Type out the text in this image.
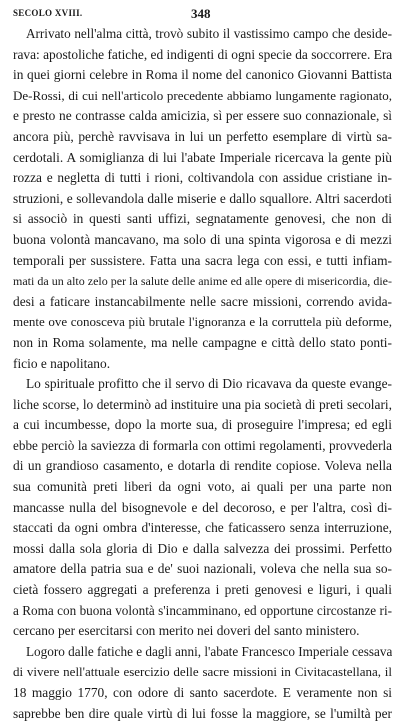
SECOLO XVIII.	348
Arrivato nell'alma città, trovò subito il vastissimo campo che deside-
rava: apostoliche fatiche, ed indigenti di ogni specie da soccorrere. Era
in quei giorni celebre in Roma il nome del canonico Giovanni Battista
De-Rossi, di cui nell'articolo precedente abbiamo lungamente ragionato,
e presto ne contrasse calda amicizia, sì per essere suo connazionale, sì
ancora più, perchè ravvisava in lui un perfetto esemplare di virtù sa-
cerdotali. A somiglianza di lui l'abate Imperiale ricercava la gente più
rozza e negletta di tutti i rioni, coltivandola con assidue cristiane in-
struzioni, e sollevandola dalle miserie e dallo squallore. Altri sacerdoti
si associò in questi santi uffizi, segnatamente genovesi, che non di
buona volontà mancavano, ma solo di una spinta vigorosa e di mezzi
temporali per sussistere. Fatta una sacra lega con essi, e tutti infiam-
mati da un alto zelo per la salute delle anime ed alle opere di misericordia, die-
desi a faticare instancabilmente nelle sacre missioni, correndo avida-
mente ove conosceva più brutale l'ignoranza e la corruttela più deforme,
non in Roma solamente, ma nelle campagne e città dello stato ponti-
ficio e napolitano.
Lo spirituale profitto che il servo di Dio ricavava da queste evange-
liche scorse, lo determinò ad instituire una pia società di preti secolari,
a cui incumbesse, dopo la morte sua, di proseguire l'impresa; ed egli
ebbe perciò la saviezza di formarla con ottimi regolamenti, provvederla
di un grandioso casamento, e dotarla di rendite copiose. Voleva nella
sua comunità preti liberi da ogni voto, ai quali per una parte non
mancasse nulla del bisognevole e del decoroso, e per l'altra, così di-
staccati da ogni ombra d'interesse, che faticassero senza interruzione,
mossi dalla sola gloria di Dio e dalla salvezza dei prossimi. Perfetto
amatore della patria sua e de' suoi nazionali, voleva che nella sua so-
cietà fossero aggregati a preferenza i preti genovesi e liguri, i quali
a Roma con buona volontà s'incamminano, ed opportune circostanze ri-
cercano per esercitarsi con merito nei doveri del santo ministero.
Logoro dalle fatiche e dagli anni, l'abate Francesco Imperiale cessava
di vivere nell'attuale esercizio delle sacre missioni in Civitacastellana, il
18 maggio 1770, con odore di santo sacerdote. E veramente non si
saprebbe ben dire quale virtù di lui fosse la maggiore, se l'umiltà per
